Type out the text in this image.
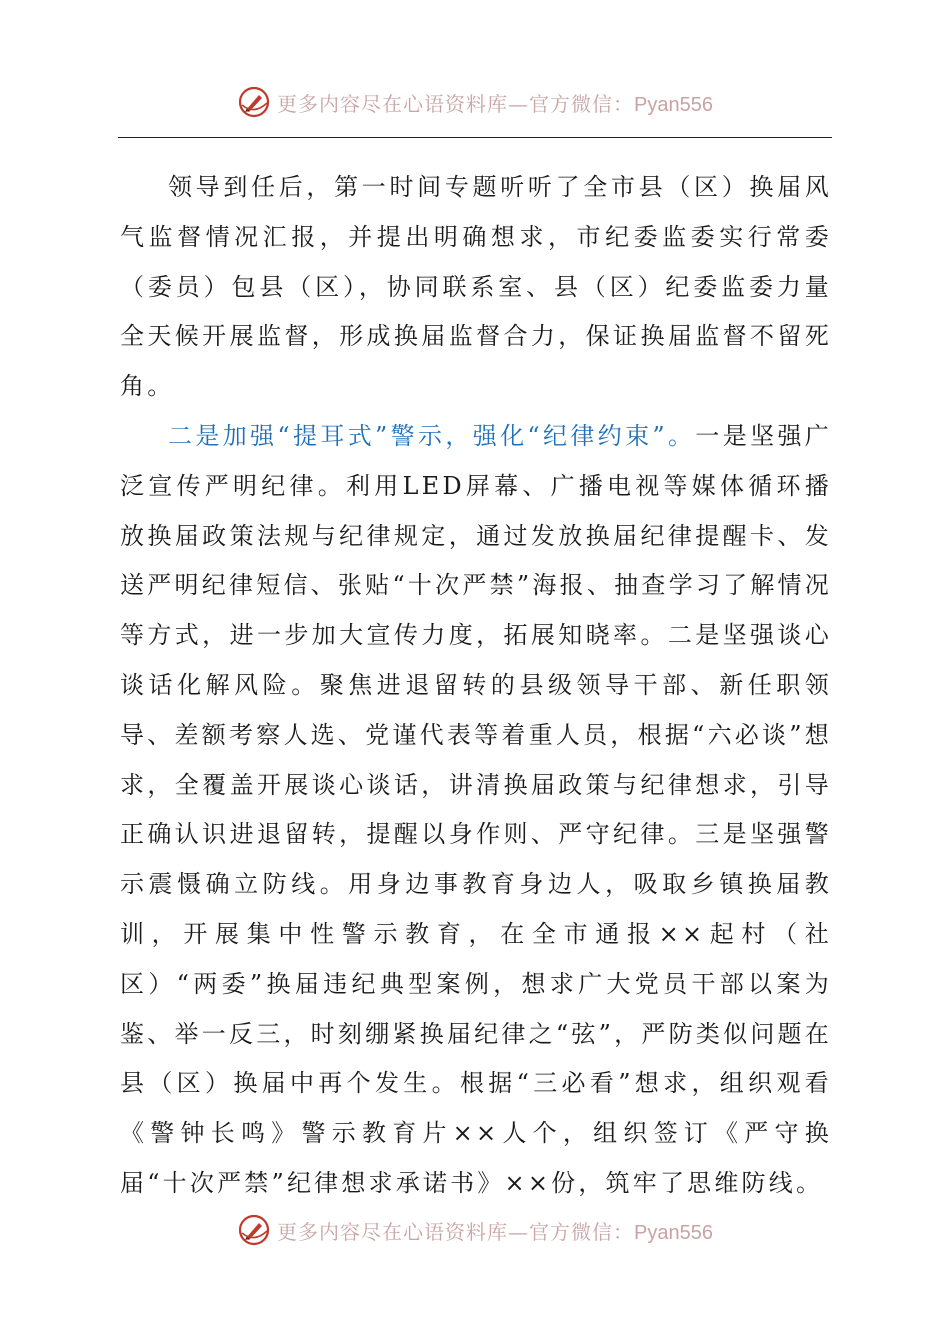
更多内容尽在心语资料库—官方微信：Pyan556

领导到任后，第一时间专题听听了全市县（区）换届风气监督情况汇报，并提出明确想求，市纪委监委实行常委（委员）包县（区），协同联系室、县（区）纪委监委力量全天候开展监督，形成换届监督合力，保证换届监督不留死角。

二是加强“提耳式”警示，强化“纪律约束”。一是坚强广泛宣传严明纪律。利用LED屏幕、广播电视等媒体循环播放换届政策法规与纪律规定，通过发放换届纪律提醒卡、发送严明纪律短信、张贴“十次严禁”海报、抽查学习了解情况等方式，进一步加大宣传力度，拓展知晓率。二是坚强谈心谈话化解风险。聚焦进退留转的县级领导干部、新任职领导、差额考察人选、党谨代表等着重人员，根据“六必谈”想求，全覆盖开展谈心谈话，讲清换届政策与纪律想求，引导正确认识进退留转，提醒以身作则、严守纪律。三是坚强警示震慑确立防线。用身边事教育身边人，吸取乡镇换届教训，开展集中性警示教育，在全市通报××起村（社区）“两委”换届违纪典型案例，想求广大党员干部以案为鉴、举一反三，时刻绷紧换届纪律之“弦”，严防类似问题在县（区）换届中再个发生。根据“三必看”想求，组织观看《警钟长鸣》警示教育片××人个，组织签订《严守换届“十次严禁”纪律想求承诺书》××份，筑牢了思维防线。

更多内容尽在心语资料库—官方微信：Pyan556
